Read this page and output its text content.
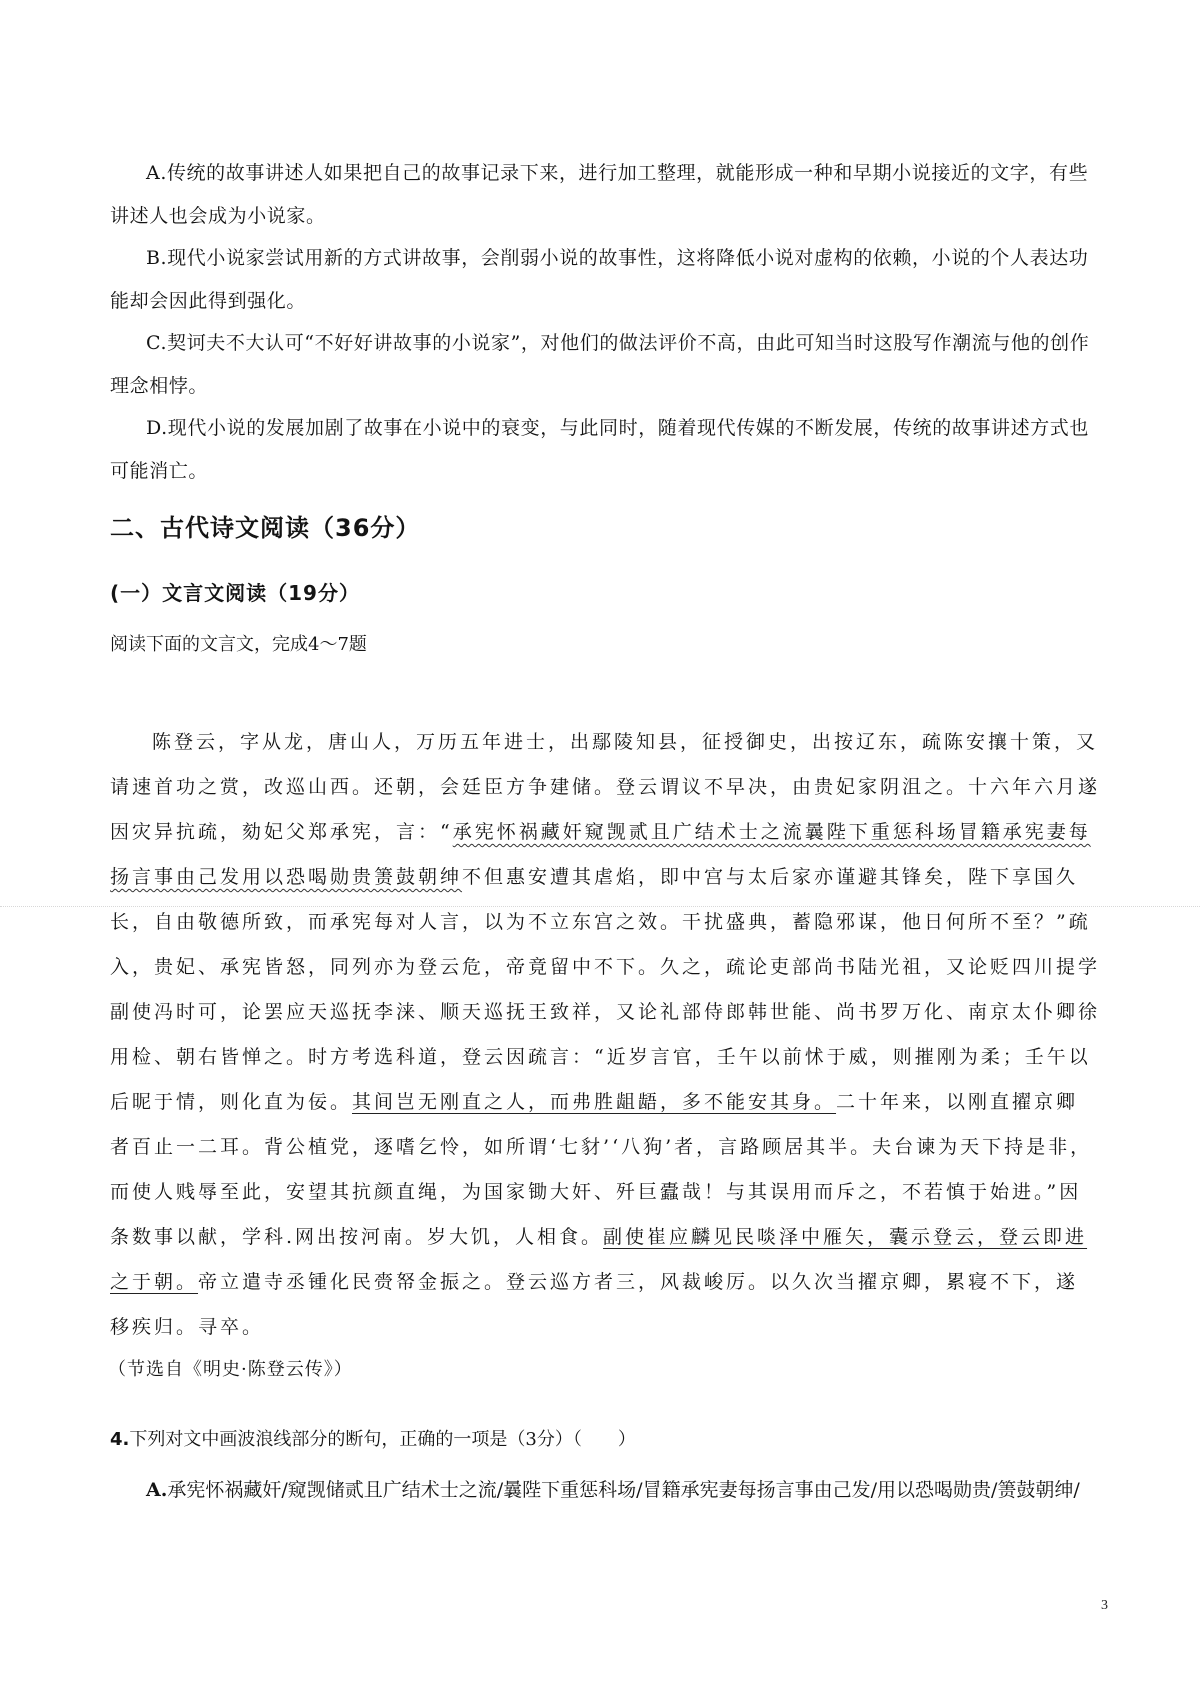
A.传统的故事讲述人如果把自己的故事记录下来，进行加工整理，就能形成一种和早期小说接近的文字，有些讲述人也会成为小说家。

B.现代小说家尝试用新的方式讲故事，会削弱小说的故事性，这将降低小说对虚构的依赖，小说的个人表达功能却会因此得到强化。

C.契诃夫不大认可“不好好讲故事的小说家”，对他们的做法评价不高，由此可知当时这股写作潮流与他的创作理念相悖。

D.现代小说的发展加剧了故事在小说中的衰变，与此同时，随着现代传媒的不断发展，传统的故事讲述方式也可能消亡。

二、古代诗文阅读（36分）
(一）文言文阅读（19分）

阅读下面的文言文，完成4～7题

陈登云，字从龙，唐山人，万历五年进士，出鄢陵知县，征授御史，出按辽东，疏陈安攘十策，又请速首功之赏，改巡山西。还朝，会廷臣方争建储。登云谓议不早决，由贵妃家阴沮之。十六年六月遂因灾异抗疏，劾妃父郑承宪，言：“承宪怀祸藏奸窥觊贰且广结术士之流曩陛下重惩科场冒籍承宪妻每扬言事由己发用以恐喝勋贵箦鼓朝绅不但惠安遭其虐焰，即中宫与太后家亦谨避其锋矣，陛下享国久长，自由敬德所致，而承宪每对人言，以为不立东宫之效。干扰盛典，蓄隐邪谋，他日何所不至？”疏入，贵妃、承宪皆怒，同列亦为登云危，帝竟留中不下。久之，疏论吏部尚书陆光祖，又论贬四川提学副使冯时可，论罢应天巡抚李涞、顺天巡抚王致祥，又论礼部侍郎韩世能、尚书罗万化、南京太仆卿徐用检、朝右皆惮之。时方考选科道，登云因疏言：“近岁言官，壬午以前怵于威，则摧刚为柔；壬午以后昵于情，则化直为佞。其间岂无刚直之人，而弗胜龃龉，多不能安其身。二十年来，以刚直擢京卿者百止一二耳。背公植党，逐嗜乞怜，如所谓‘七豺’‘八狗’者，言路顾居其半。夫台谏为天下持是非，而使人贱辱至此，安望其抗颜直绳，为国家锄大奸、歼巨蠹哉！与其误用而斥之，不若慎于始进。”因条数事以献，学科.网出按河南。岁大饥，人相食。副使崔应麟见民啖泽中雁矢，囊示登云，登云即进之于朝。帝立遣寺丞锺化民赍帑金振之。登云巡方者三，风裁峻厉。以久次当擢京卿，累寝不下，遂移疾归。寻卒。

（节选自《明史·陈登云传》）

4.下列对文中画波浪线部分的断句，正确的一项是（3分）（　　）

A.承宪怀祸藏奸/窥觊储贰且广结术士之流/曩陛下重惩科场/冒籍承宪妻每扬言事由己发/用以恐喝勋贵/箦鼓朝绅/

3
